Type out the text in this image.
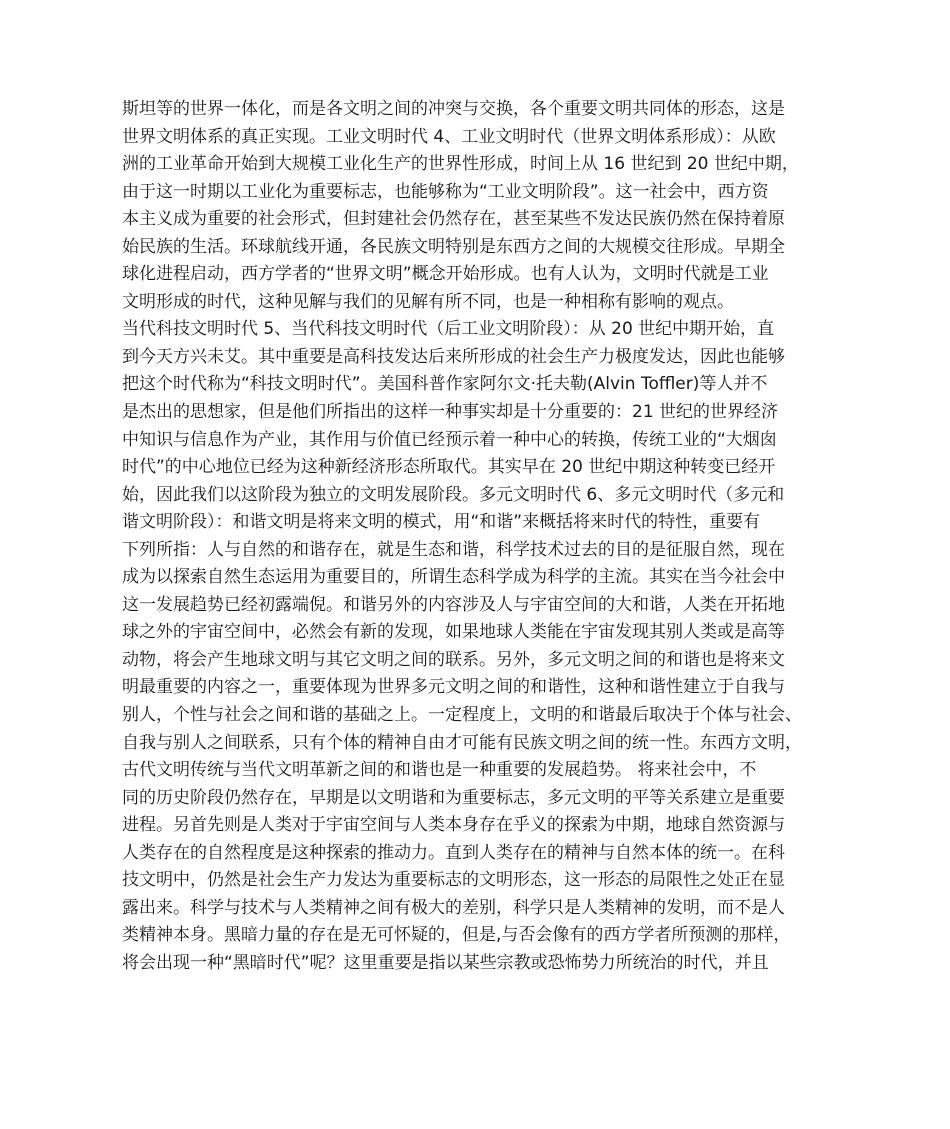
斯坦等的世界一体化，而是各文明之间的冲突与交换，各个重要文明共同体的形态，这是
世界文明体系的真正实现。工业文明时代 4、工业文明时代（世界文明体系形成）：从欧
洲的工业革命开始到大规模工业化生产的世界性形成，时间上从 16 世纪到 20 世纪中期，
由于这一时期以工业化为重要标志，也能够称为“工业文明阶段”。这一社会中，西方资
本主义成为重要的社会形式，但封建社会仍然存在，甚至某些不发达民族仍然在保持着原
始民族的生活。环球航线开通，各民族文明特别是东西方之间的大规模交往形成。早期全
球化进程启动，西方学者的“世界文明”概念开始形成。也有人认为，文明时代就是工业
文明形成的时代，这种见解与我们的见解有所不同，也是一种相称有影响的观点。
当代科技文明时代 5、当代科技文明时代（后工业文明阶段）：从 20 世纪中期开始，直
到今天方兴未艾。其中重要是高科技发达后来所形成的社会生产力极度发达，因此也能够
把这个时代称为“科技文明时代”。美国科普作家阿尔文·托夫勒(Alvin Toffler)等人并不
是杰出的思想家，但是他们所指出的这样一种事实却是十分重要的：21 世纪的世界经济
中知识与信息作为产业，其作用与价值已经预示着一种中心的转换，传统工业的“大烟囱
时代”的中心地位已经为这种新经济形态所取代。其实早在 20 世纪中期这种转变已经开
始，因此我们以这阶段为独立的文明发展阶段。多元文明时代 6、多元文明时代（多元和
谐文明阶段）：和谐文明是将来文明的模式，用“和谐”来概括将来时代的特性，重要有
下列所指：人与自然的和谐存在，就是生态和谐，科学技术过去的目的是征服自然，现在
成为以探索自然生态运用为重要目的，所谓生态科学成为科学的主流。其实在当今社会中
这一发展趋势已经初露端倪。和谐另外的内容涉及人与宇宙空间的大和谐，人类在开拓地
球之外的宇宙空间中，必然会有新的发现，如果地球人类能在宇宙发现其别人类或是高等
动物，将会产生地球文明与其它文明之间的联系。另外，多元文明之间的和谐也是将来文
明最重要的内容之一，重要体现为世界多元文明之间的和谐性，这种和谐性建立于自我与
别人，个性与社会之间和谐的基础之上。一定程度上，文明的和谐最后取决于个体与社会、
自我与别人之间联系，只有个体的精神自由才可能有民族文明之间的统一性。东西方文明，
古代文明传统与当代文明革新之间的和谐也是一种重要的发展趋势。 将来社会中，不
同的历史阶段仍然存在，早期是以文明谐和为重要标志，多元文明的平等关系建立是重要
进程。另首先则是人类对于宇宙空间与人类本身存在乎义的探索为中期，地球自然资源与
人类存在的自然程度是这种探索的推动力。直到人类存在的精神与自然本体的统一。在科
技文明中，仍然是社会生产力发达为重要标志的文明形态，这一形态的局限性之处正在显
露出来。科学与技术与人类精神之间有极大的差别，科学只是人类精神的发明，而不是人
类精神本身。黑暗力量的存在是无可怀疑的，但是,与否会像有的西方学者所预测的那样，
将会出现一种“黑暗时代”呢？这里重要是指以某些宗教或恐怖势力所统治的时代，并且
